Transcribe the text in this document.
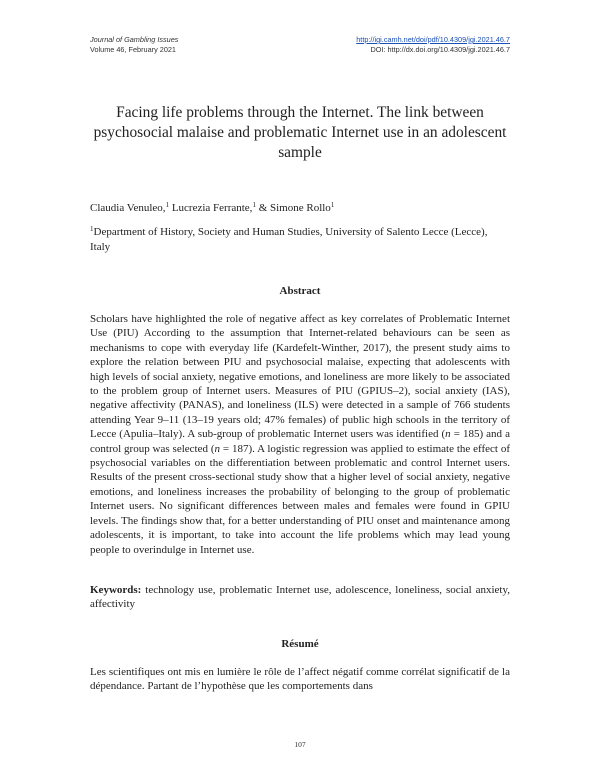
Journal of Gambling Issues
Volume 46, February 2021
http://igi.camh.net/doi/pdf/10.4309/jgi.2021.46.7
DOI: http://dx.doi.org/10.4309/jgi.2021.46.7
Facing life problems through the Internet. The link between psychosocial malaise and problematic Internet use in an adolescent sample
Claudia Venuleo,$^1$ Lucrezia Ferrante,$^1$ & Simone Rollo$^1$
$^1$Department of History, Society and Human Studies, University of Salento Lecce (Lecce), Italy
Abstract

Scholars have highlighted the role of negative affect as key correlates of Problematic Internet Use (PIU) According to the assumption that Internet-related behaviours can be seen as mechanisms to cope with everyday life (Kardefelt-Winther, 2017), the present study aims to explore the relation between PIU and psychosocial malaise, expecting that adolescents with high levels of social anxiety, negative emotions, and loneliness are more likely to be associated to the problem group of Internet users. Measures of PIU (GPIUS–2), social anxiety (IAS), negative affectivity (PANAS), and loneliness (ILS) were detected in a sample of 766 students attending Year 9–11 (13–19 years old; 47% females) of public high schools in the territory of Lecce (Apulia–Italy). A sub-group of problematic Internet users was identified (n = 185) and a control group was selected (n = 187). A logistic regression was applied to estimate the effect of psychosocial variables on the differentiation between problematic and control Internet users. Results of the present cross-sectional study show that a higher level of social anxiety, negative emotions, and loneliness increases the probability of belonging to the group of problematic Internet users. No significant differences between males and females were found in GPIU levels. The findings show that, for a better understanding of PIU onset and maintenance among adolescents, it is important, to take into account the life problems which may lead young people to overindulge in Internet use.

Keywords: technology use, problematic Internet use, adolescence, loneliness, social anxiety, affectivity

Résumé

Les scientifiques ont mis en lumière le rôle de l’affect négatif comme corrélat significatif de la dépendance. Partant de l’hypothèse que les comportements dans

107
